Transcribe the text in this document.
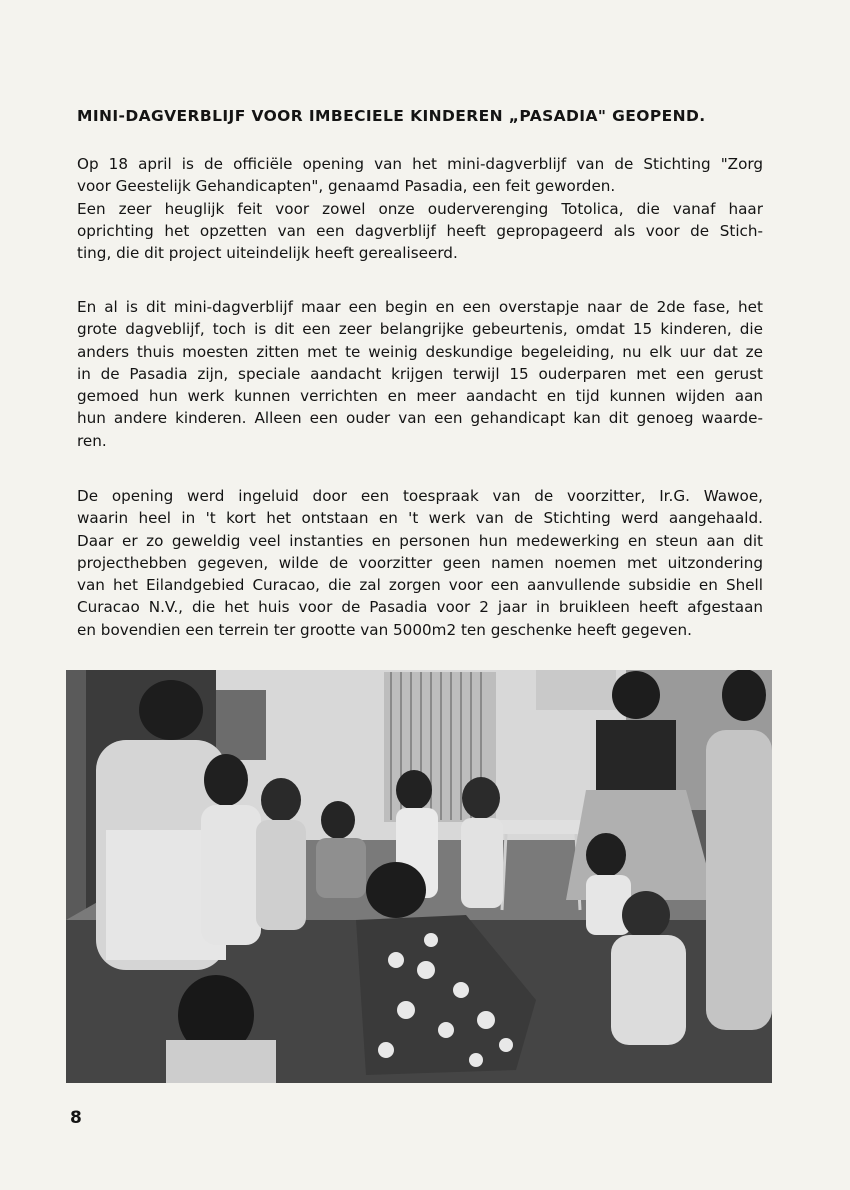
MINI-DAGVERBLIJF VOOR IMBECIELE KINDEREN „PASADIA" GEOPEND.

Op 18 april is de officiële opening van het mini-dagverblijf van de Stichting "Zorg
voor Geestelijk Gehandicapten", genaamd Pasadia, een feit geworden.
Een zeer heuglijk feit voor zowel onze ouderverenging Totolica, die vanaf haar
oprichting het opzetten van een dagverblijf heeft gepropageerd als voor de Stich-
ting, die dit project uiteindelijk heeft gerealiseerd.

En al is dit mini-dagverblijf maar een begin en een overstapje naar de 2de fase, het
grote dagveblijf, toch is dit een zeer belangrijke gebeurtenis, omdat 15 kinderen, die
anders thuis moesten zitten met te weinig deskundige begeleiding, nu elk uur dat ze
in de Pasadia zijn, speciale aandacht krijgen terwijl 15 ouderparen met een gerust
gemoed hun werk kunnen verrichten en meer aandacht en tijd kunnen wijden aan
hun andere kinderen. Alleen een ouder van een gehandicapt kan dit genoeg waarde-
ren.

De opening werd ingeluid door een toespraak van de voorzitter, Ir.G. Wawoe,
waarin heel in 't kort het ontstaan en 't werk van de Stichting werd aangehaald.
Daar er zo geweldig veel instanties en personen hun medewerking en steun aan dit
projecthebben gegeven, wilde de voorzitter geen namen noemen met uitzondering
van het Eilandgebied Curacao, die zal zorgen voor een aanvullende subsidie en Shell
Curacao N.V., die het huis voor de Pasadia voor 2 jaar in bruikleen heeft afgestaan
en bovendien een terrein ter grootte van 5000m2 ten geschenke heeft gegeven.

8
